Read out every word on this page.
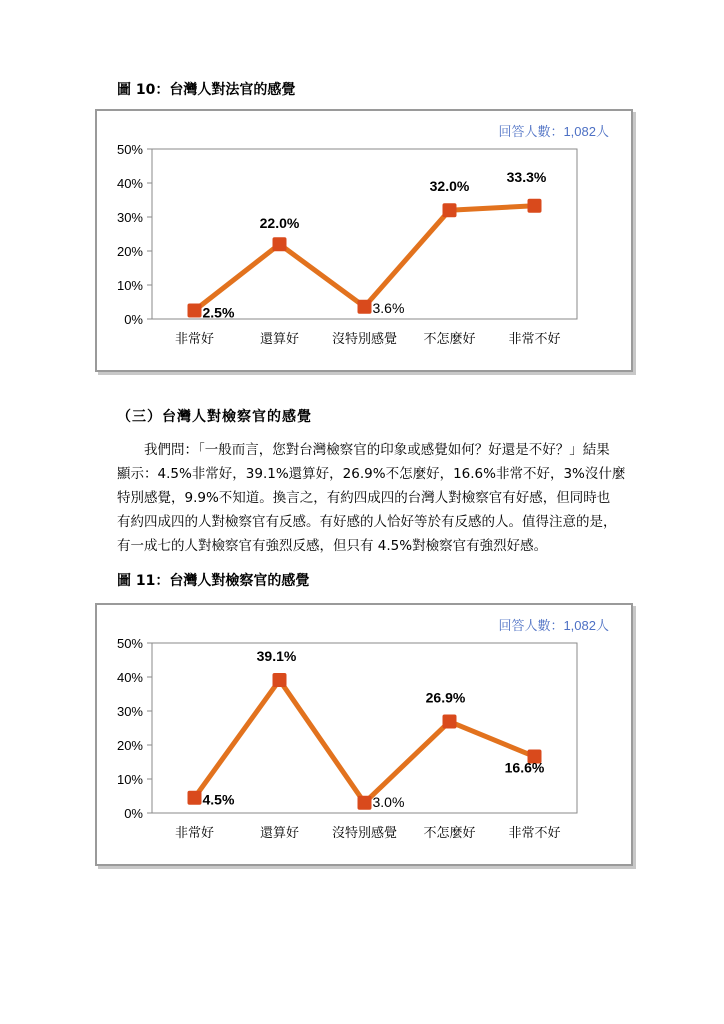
圖 10：台灣人對法官的感覺
回答人數：1,082人
0%
10%
20%
30%
40%
50%
非常好	還算好	沒特別感覺 不怎麼好	非常不好
2.5%
22.0%
3.6%
32.0%
33.3%
（三）台灣人對檢察官的感覺

我們問：「一般而言，您對台灣檢察官的印象或感覺如何？好還是不好？」結果

顯示：4.5%非常好，39.1%還算好，26.9%不怎麼好，16.6%非常不好，3%沒什麼

特別感覺，9.9%不知道。換言之，有約四成四的台灣人對檢察官有好感，但同時也

有約四成四的人對檢察官有反感。有好感的人恰好等於有反感的人。值得注意的是，

有一成七的人對檢察官有強烈反感，但只有 4.5%對檢察官有強烈好感。

圖 11：台灣人對檢察官的感覺
回答人數：1,082人
0%
10%
20%
30%
40%
50%
非常好	還算好	沒特別感覺 不怎麼好	非常不好
4.5%
39.1%
3.0%
26.9%
16.6%
